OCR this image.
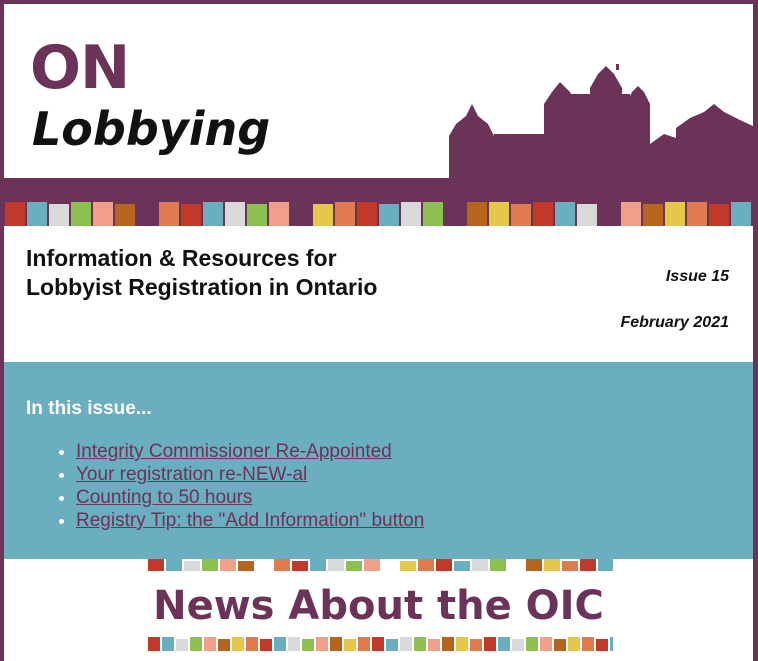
ON
Lobbying
Information & Resources for Lobbyist Registration in Ontario	Issue 15
February 2021
In this issue...
• Integrity Commissioner Re-Appointed
• Your registration re-NEW-al
• Counting to 50 hours
• Registry Tip: the "Add Information" button
News About the OIC
